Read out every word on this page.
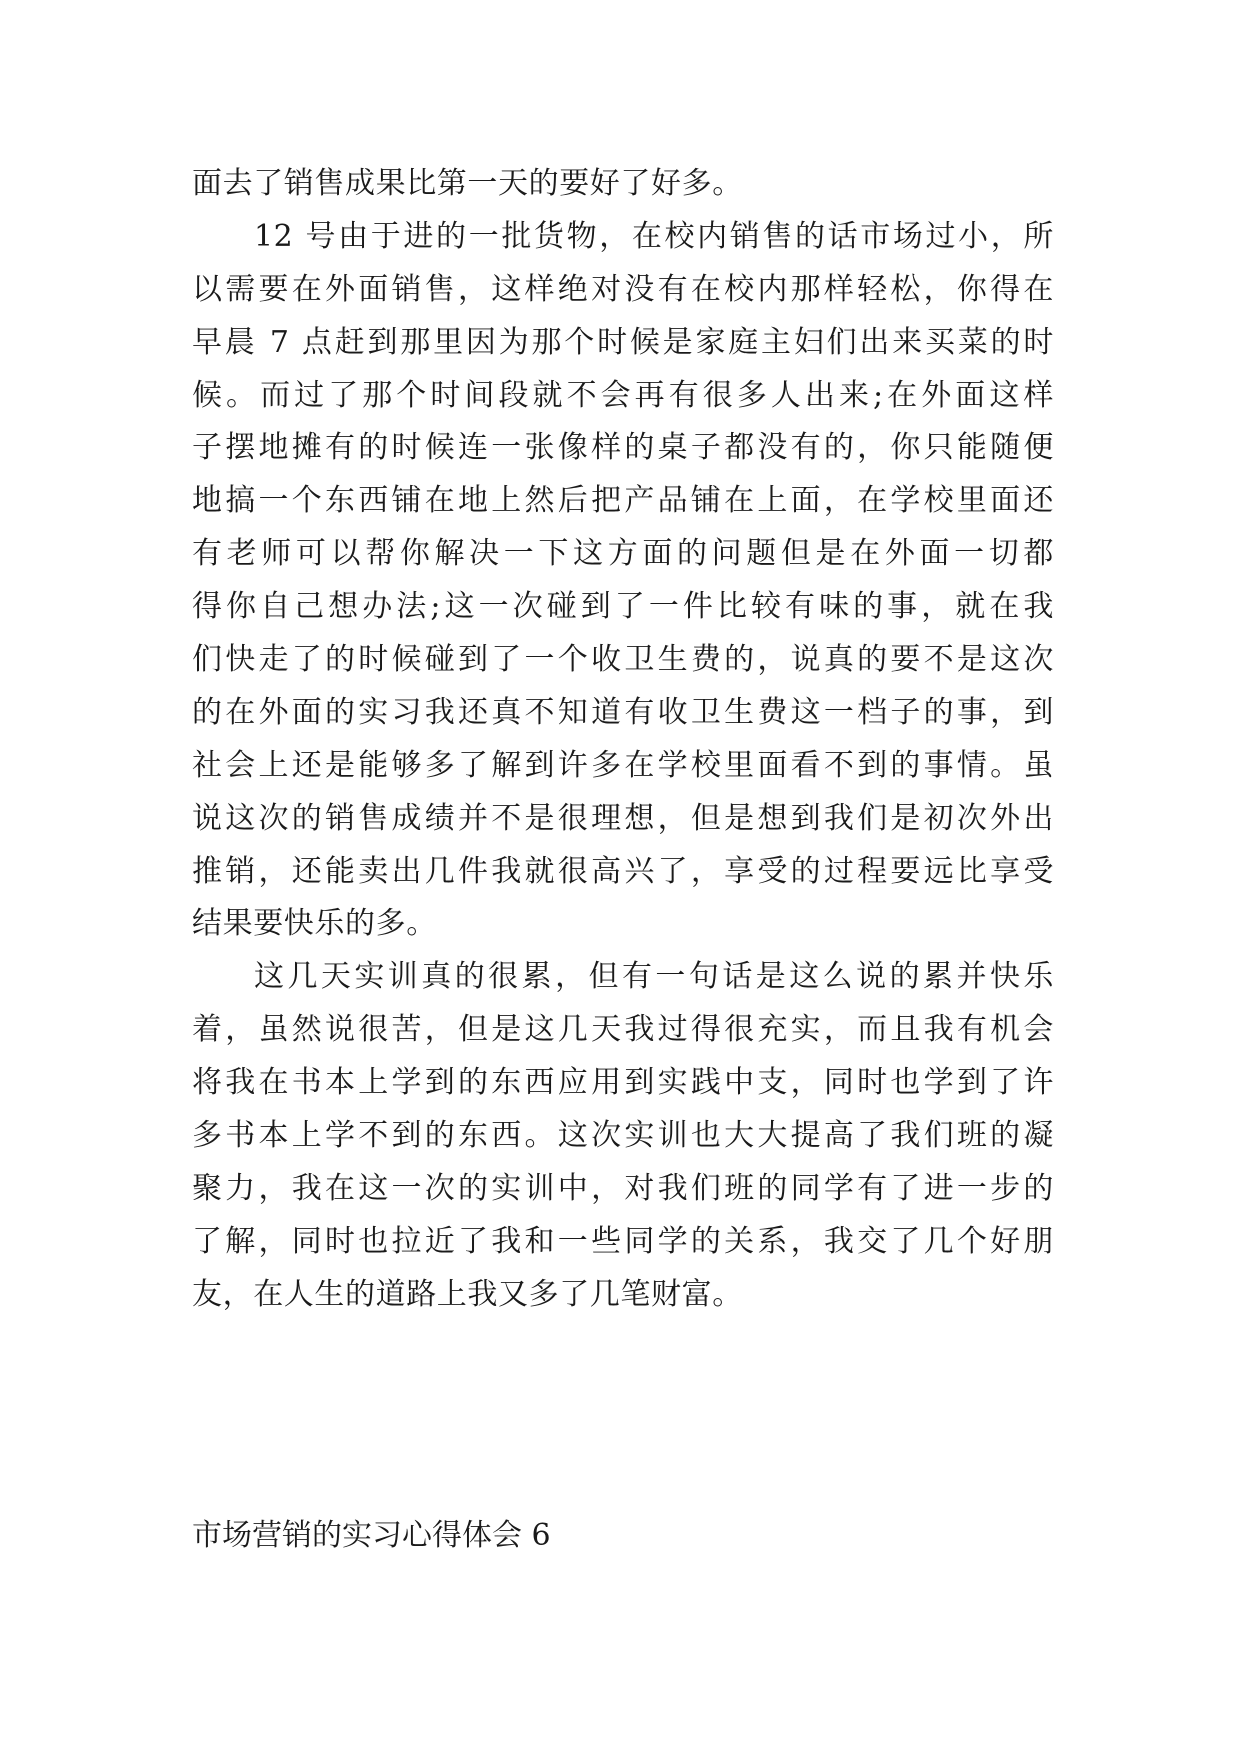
面去了销售成果比第一天的要好了好多。
12 号由于进的一批货物，在校内销售的话市场过小，所
以需要在外面销售，这样绝对没有在校内那样轻松，你得在
早晨 7 点赶到那里因为那个时候是家庭主妇们出来买菜的时
候。而过了那个时间段就不会再有很多人出来;在外面这样
子摆地摊有的时候连一张像样的桌子都没有的，你只能随便
地搞一个东西铺在地上然后把产品铺在上面，在学校里面还
有老师可以帮你解决一下这方面的问题但是在外面一切都
得你自己想办法;这一次碰到了一件比较有味的事，就在我
们快走了的时候碰到了一个收卫生费的，说真的要不是这次
的在外面的实习我还真不知道有收卫生费这一档子的事，到
社会上还是能够多了解到许多在学校里面看不到的事情。虽
说这次的销售成绩并不是很理想，但是想到我们是初次外出
推销，还能卖出几件我就很高兴了，享受的过程要远比享受
结果要快乐的多。
这几天实训真的很累，但有一句话是这么说的累并快乐
着，虽然说很苦，但是这几天我过得很充实，而且我有机会
将我在书本上学到的东西应用到实践中支，同时也学到了许
多书本上学不到的东西。这次实训也大大提高了我们班的凝
聚力，我在这一次的实训中，对我们班的同学有了进一步的
了解，同时也拉近了我和一些同学的关系，我交了几个好朋
友，在人生的道路上我又多了几笔财富。
市场营销的实习心得体会 6
